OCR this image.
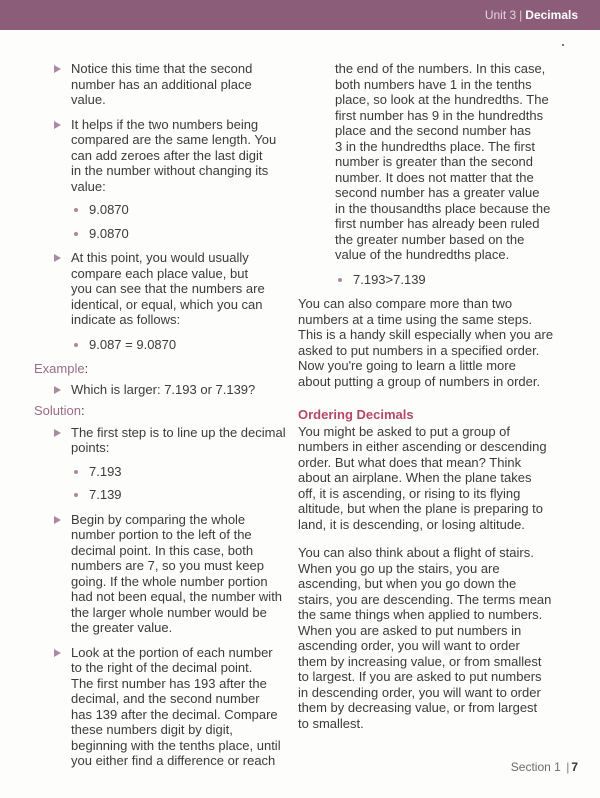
Unit 3 | Decimals
Notice this time that the second
number has an additional place
value.
It helps if the two numbers being
compared are the same length. You
can add zeroes after the last digit
in the number without changing its
value:
9.0870
9.0870
At this point, you would usually
compare each place value, but
you can see that the numbers are
identical, or equal, which you can
indicate as follows:
9.087 = 9.0870
Example:
Which is larger: 7.193 or 7.139?
Solution:
The first step is to line up the decimal
points:
7.193
7.139
Begin by comparing the whole
number portion to the left of the
decimal point. In this case, both
numbers are 7, so you must keep
going. If the whole number portion
had not been equal, the number with
the larger whole number would be
the greater value.
Look at the portion of each number
to the right of the decimal point.
The first number has 193 after the
decimal, and the second number
has 139 after the decimal. Compare
these numbers digit by digit,
beginning with the tenths place, until
you either find a difference or reach
the end of the numbers. In this case,
both numbers have 1 in the tenths
place, so look at the hundredths. The
first number has 9 in the hundredths
place and the second number has
3 in the hundredths place. The first
number is greater than the second
number. It does not matter that the
second number has a greater value
in the thousandths place because the
first number has already been ruled
the greater number based on the
value of the hundredths place.
7.193>7.139
You can also compare more than two
numbers at a time using the same steps.
This is a handy skill especially when you are
asked to put numbers in a specified order.
Now you're going to learn a little more
about putting a group of numbers in order.
Ordering Decimals
You might be asked to put a group of
numbers in either ascending or descending
order. But what does that mean? Think
about an airplane. When the plane takes
off, it is ascending, or rising to its flying
altitude, but when the plane is preparing to
land, it is descending, or losing altitude.
You can also think about a flight of stairs.
When you go up the stairs, you are
ascending, but when you go down the
stairs, you are descending. The terms mean
the same things when applied to numbers.
When you are asked to put numbers in
ascending order, you will want to order
them by increasing value, or from smallest
to largest. If you are asked to put numbers
in descending order, you will want to order
them by decreasing value, or from largest
to smallest.
Section 1 | 7
